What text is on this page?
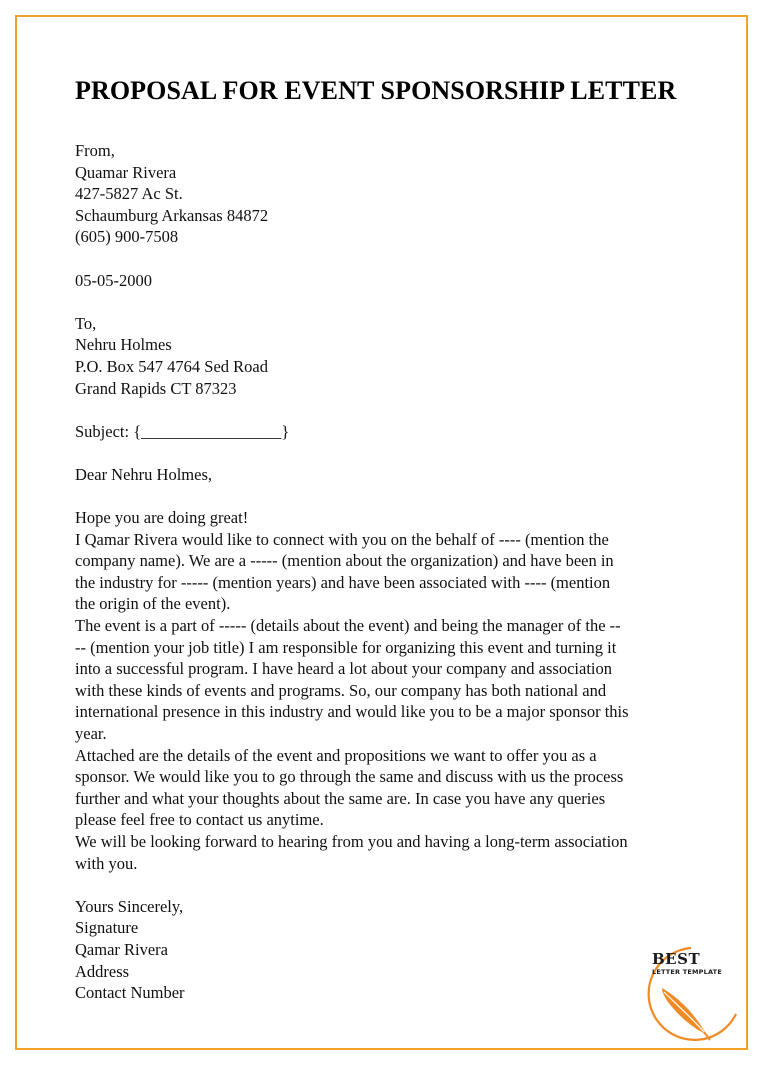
PROPOSAL FOR EVENT SPONSORSHIP LETTER
From,
Quamar Rivera
427-5827 Ac St.
Schaumburg Arkansas 84872
(605) 900-7508
05-05-2000
To,
Nehru Holmes
P.O. Box 547 4764 Sed Road
Grand Rapids CT 87323
Subject: {_________________}
Dear Nehru Holmes,
Hope you are doing great!
I Qamar Rivera would like to connect with you on the behalf of ---- (mention the
company name). We are a ----- (mention about the organization) and have been in
the industry for ----- (mention years) and have been associated with ---- (mention
the origin of the event).
The event is a part of ----- (details about the event) and being the manager of the --
-- (mention your job title) I am responsible for organizing this event and turning it
into a successful program. I have heard a lot about your company and association
with these kinds of events and programs. So, our company has both national and
international presence in this industry and would like you to be a major sponsor this
year.
Attached are the details of the event and propositions we want to offer you as a
sponsor. We would like you to go through the same and discuss with us the process
further and what your thoughts about the same are. In case you have any queries
please feel free to contact us anytime.
We will be looking forward to hearing from you and having a long-term association
with you.
Yours Sincerely,
Signature
Qamar Rivera
Address
Contact Number
BEST
LETTER TEMPLATE
